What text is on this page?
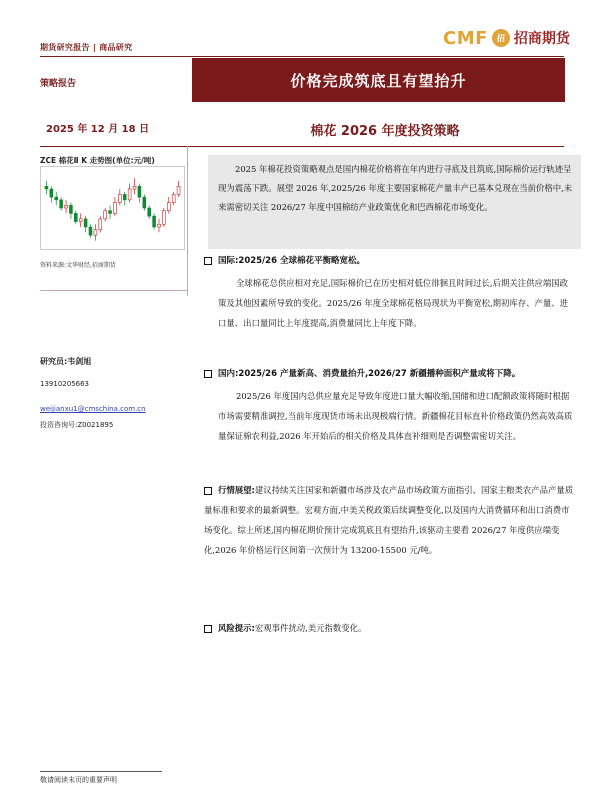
期货研究报告 | 商品研究	CMF 招 招商期货
策略报告	价格完成筑底且有望抬升
2025 年 12 月 18 日	棉花 2026 年度投资策略
ZCE 棉花Ⅱ K 走势图(单位:元/吨)
资料来源:文华财经,招商期货
研究员:韦剑旭
13910205663
weijianxu1@cmschina.com.cn
投资咨询号:Z0021895
2025 年棉花投资策略观点是国内棉花价格将在年内进行寻底及且筑底,国际棉价运行轨迹呈现为震荡下跌。展望 2026 年,2025/26 年度主要国家棉花产量丰产已基本兑现在当前价格中,未来需密切关注 2026/27 年度中国棉纺产业政策优化和巴西棉花市场变化。
国际:2025/26 全球棉花平衡略宽松。
全球棉花总供应相对充足,国际棉价已在历史相对低位徘徊且时间过长,后期关注供应端国政策及其他因素所导致的变化。2025/26 年度全球棉花格局现状为平衡宽松,期初库存、产量、进口量、出口量同比上年度提高,消费量同比上年度下降。
国内:2025/26 产量新高、消费量抬升,2026/27 新疆播种面积产量或将下降。
2025/26 年度国内总供应量充足导致年度进口量大幅收缩,国储和进口配额政策将随时根据市场需要精准调控,当前年度现货市场未出现极端行情。新疆棉花目标直补价格政策仍然高效高质量保证棉农利益,2026 年开始后的相关价格及具体直补细则是否调整需密切关注。
行情展望:建议持续关注国家和新疆市场涉及农产品市场政策方面指引、国家主粮类农产品产量质量标准和要求的最新调整。宏观方面,中美关税政策后续调整变化,以及国内大消费循环和出口消费市场变化。综上所述,国内棉花期价预计完成筑底且有望抬升,该驱动主要看 2026/27 年度供应端变化,2026 年价格运行区间第一次预计为 13200-15500 元/吨。
风险提示:宏观事件扰动,美元指数变化。
敬请阅读末页的重要声明
